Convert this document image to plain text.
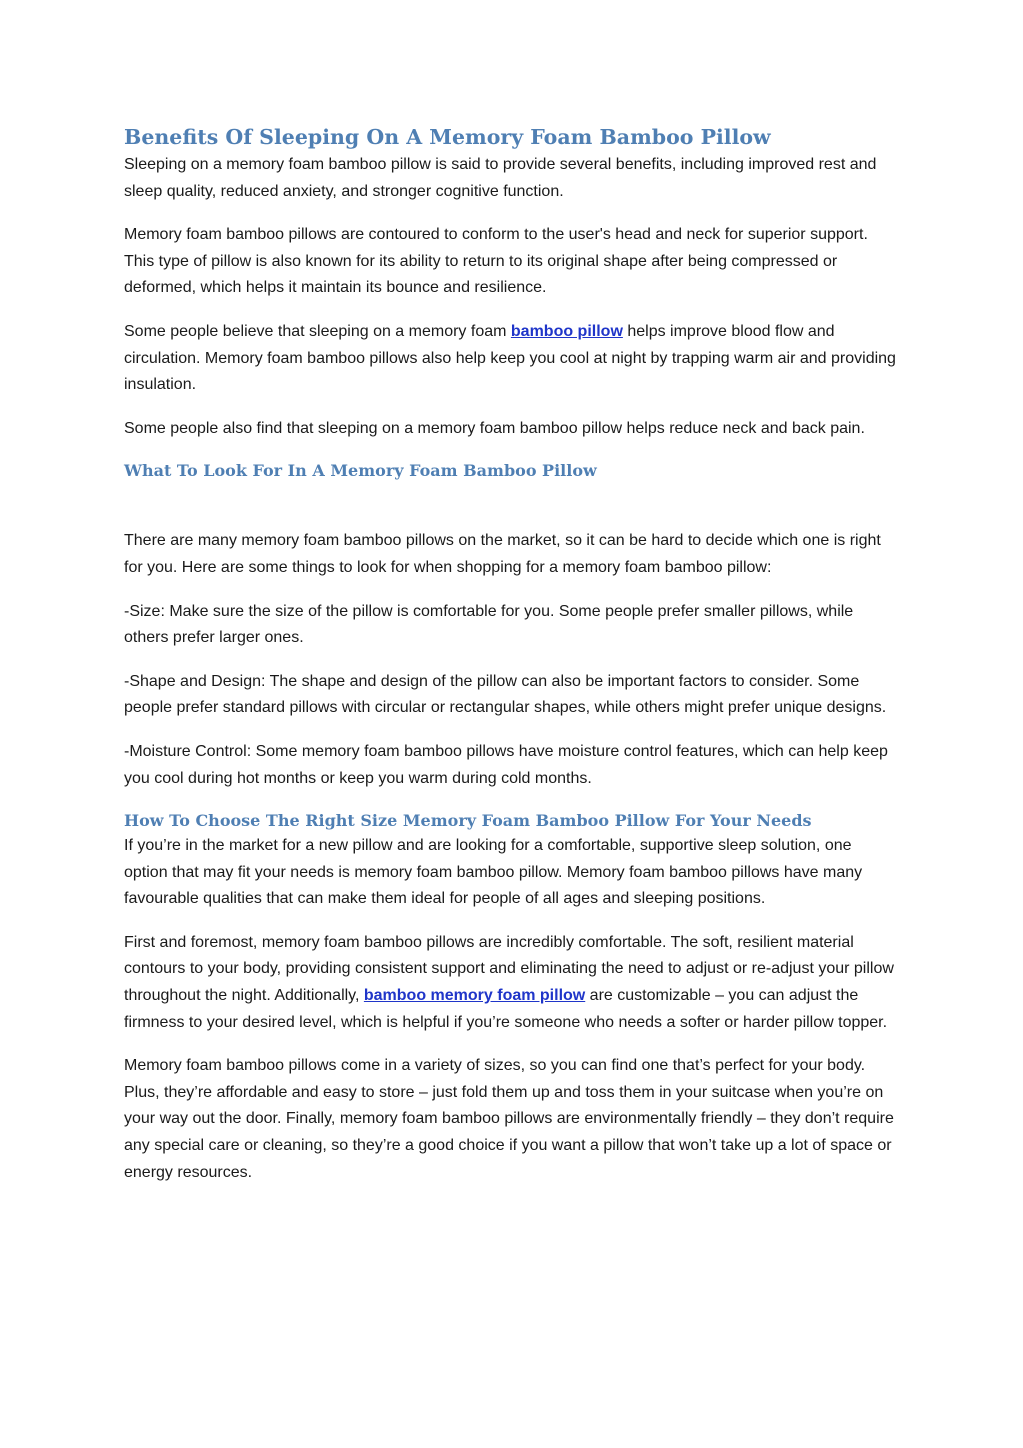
Benefits Of Sleeping On A Memory Foam Bamboo Pillow

Sleeping on a memory foam bamboo pillow is said to provide several benefits, including improved rest and sleep quality, reduced anxiety, and stronger cognitive function.

Memory foam bamboo pillows are contoured to conform to the user's head and neck for superior support. This type of pillow is also known for its ability to return to its original shape after being compressed or deformed, which helps it maintain its bounce and resilience.

Some people believe that sleeping on a memory foam bamboo pillow helps improve blood flow and circulation. Memory foam bamboo pillows also help keep you cool at night by trapping warm air and providing insulation.

Some people also find that sleeping on a memory foam bamboo pillow helps reduce neck and back pain.

What To Look For In A Memory Foam Bamboo Pillow

There are many memory foam bamboo pillows on the market, so it can be hard to decide which one is right for you. Here are some things to look for when shopping for a memory foam bamboo pillow:

-Size: Make sure the size of the pillow is comfortable for you. Some people prefer smaller pillows, while others prefer larger ones.

-Shape and Design: The shape and design of the pillow can also be important factors to consider. Some people prefer standard pillows with circular or rectangular shapes, while others might prefer unique designs.

-Moisture Control: Some memory foam bamboo pillows have moisture control features, which can help keep you cool during hot months or keep you warm during cold months.

How To Choose The Right Size Memory Foam Bamboo Pillow For Your Needs

If you’re in the market for a new pillow and are looking for a comfortable, supportive sleep solution, one option that may fit your needs is memory foam bamboo pillow. Memory foam bamboo pillows have many favourable qualities that can make them ideal for people of all ages and sleeping positions.

First and foremost, memory foam bamboo pillows are incredibly comfortable. The soft, resilient material contours to your body, providing consistent support and eliminating the need to adjust or re-adjust your pillow throughout the night. Additionally, bamboo memory foam pillow are customizable – you can adjust the firmness to your desired level, which is helpful if you’re someone who needs a softer or harder pillow topper.

Memory foam bamboo pillows come in a variety of sizes, so you can find one that’s perfect for your body. Plus, they’re affordable and easy to store – just fold them up and toss them in your suitcase when you’re on your way out the door. Finally, memory foam bamboo pillows are environmentally friendly – they don’t require any special care or cleaning, so they’re a good choice if you want a pillow that won’t take up a lot of space or energy resources.
